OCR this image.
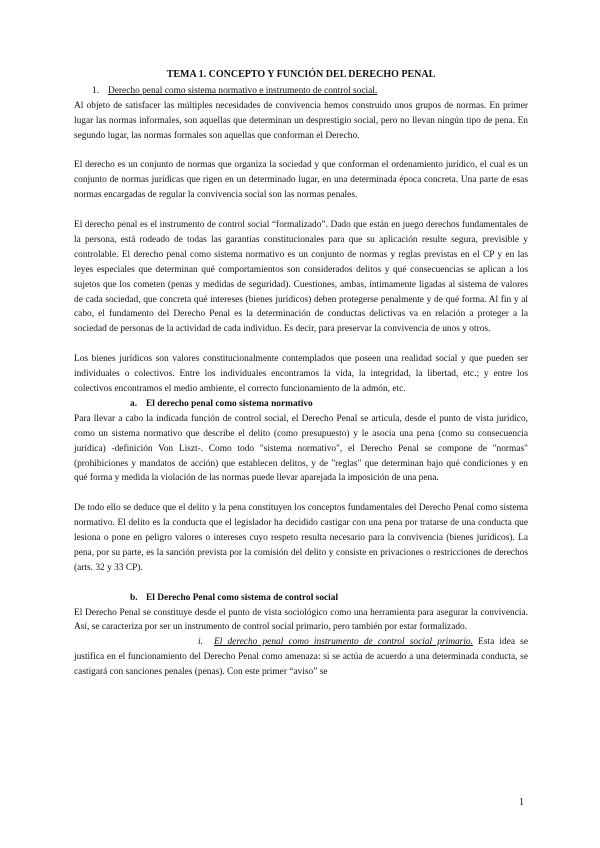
TEMA 1. CONCEPTO Y FUNCIÓN DEL DERECHO PENAL

1. Derecho penal como sistema normativo e instrumento de control social.

Al objeto de satisfacer las múltiples necesidades de convivencia hemos construido unos grupos de normas. En primer lugar las normas informales, son aquellas que determinan un desprestigio social, pero no llevan ningún tipo de pena. En segundo lugar, las normas formales son aquellas que conforman el Derecho.

El derecho es un conjunto de normas que organiza la sociedad y que conforman el ordenamiento jurídico, el cual es un conjunto de normas jurídicas que rigen en un determinado lugar, en una determinada época concreta. Una parte de esas normas encargadas de regular la convivencia social son las normas penales.

El derecho penal es el instrumento de control social “formalizado”. Dado que están en juego derechos fundamentales de la persona, está rodeado de todas las garantías constitucionales para que su aplicación resulte segura, previsible y controlable. El derecho penal como sistema normativo es un conjunto de normas y reglas previstas en el CP y en las leyes especiales que determinan qué comportamientos son considerados delitos y qué consecuencias se aplican a los sujetos que los cometen (penas y medidas de seguridad). Cuestiones, ambas, íntimamente ligadas al sistema de valores de cada sociedad, que concreta qué intereses (bienes jurídicos) deben protegerse penalmente y de qué forma. Al fin y al cabo, el fundamento del Derecho Penal es la determinación de conductas delictivas va en relación a proteger a la sociedad de personas de la actividad de cada individuo. Es decir, para preservar la convivencia de unos y otros.

Los bienes jurídicos son valores constitucionalmente contemplados que poseen una realidad social y que pueden ser individuales o colectivos. Entre los individuales encontramos la vida, la integridad, la libertad, etc.; y entre los colectivos encontramos el medio ambiente, el correcto funcionamiento de la admón, etc.

a. El derecho penal como sistema normativo

Para llevar a cabo la indicada función de control social, el Derecho Penal se articula, desde el punto de vista jurídico, como un sistema normativo que describe el delito (como presupuesto) y le asocia una pena (como su consecuencia jurídica) -definición Von Liszt-. Como todo "sistema normativo", el Derecho Penal se compone de "normas" (prohibiciones y mandatos de acción) que establecen delitos, y de "reglas" que determinan bajo qué condiciones y en qué forma y medida la violación de las normas puede llevar aparejada la imposición de una pena.

De todo ello se deduce que el delito y la pena constituyen los conceptos fundamentales del Derecho Penal como sistema normativo. El delito es la conducta que el legislador ha decidido castigar con una pena por tratarse de una conducta que lesiona o pone en peligro valores o intereses cuyo respeto resulta necesario para la convivencia (bienes jurídicos). La pena, por su parte, es la sanción prevista por la comisión del delito y consiste en privaciones o restricciones de derechos (arts. 32 y 33 CP).

b. El Derecho Penal como sistema de control social

El Derecho Penal se constituye desde el punto de vista sociológico como una herramienta para asegurar la convivencia. Así, se caracteriza por ser un instrumento de control social primario, pero también por estar formalizado.

i. El derecho penal como instrumento de control social primario. Esta idea se justifica en el funcionamiento del Derecho Penal como amenaza: si se actúa de acuerdo a una determinada conducta, se castigará con sanciones penales (penas). Con este primer “aviso” se

1
